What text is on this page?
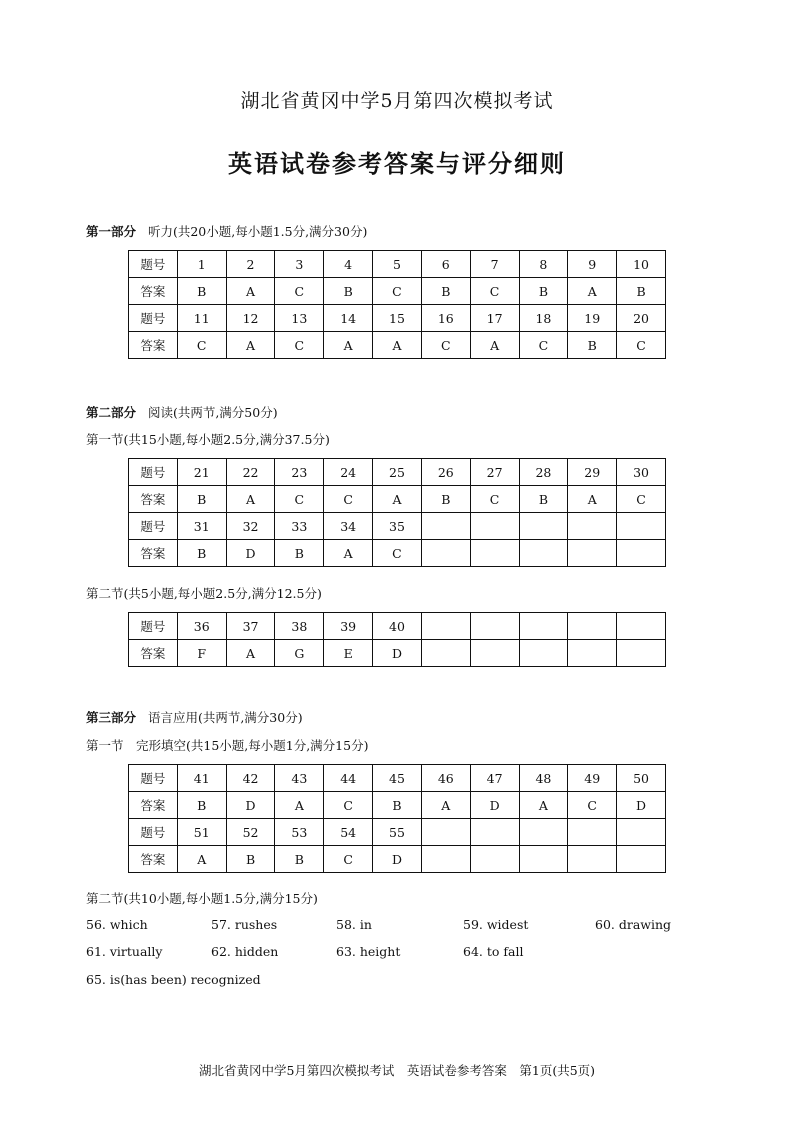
湖北省黄冈中学5月第四次模拟考试
英语试卷参考答案与评分细则
第一部分 听力(共20小题,每小题1.5分,满分30分)
题号	1	2	3	4	5	6	7	8	9	10
答案	B	A	C	B	C	B	C	B	A	B
题号	11	12	13	14	15	16	17	18	19	20
答案	C	A	C	A	A	C	A	C	B	C
第二部分 阅读(共两节,满分50分)
第一节(共15小题,每小题2.5分,满分37.5分)
题号	21	22	23	24	25	26	27	28	29	30
答案	B	A	C	C	A	B	C	B	A	C
题号	31	32	33	34	35					
答案	B	D	B	A	C					
第二节(共5小题,每小题2.5分,满分12.5分)
题号	36	37	38	39	40					
答案	F	A	G	E	D					
第三部分 语言应用(共两节,满分30分)
第一节　完形填空(共15小题,每小题1分,满分15分)
题号	41	42	43	44	45	46	47	48	49	50
答案	B	D	A	C	B	A	D	A	C	D
题号	51	52	53	54	55					
答案	A	B	B	C	D					
第二节(共10小题,每小题1.5分,满分15分)
56. which	57. rushes	58. in	59. widest	60. drawing
61. virtually	62. hidden	63. height	64. to fall
65. is(has been) recognized
湖北省黄冈中学5月第四次模拟考试　英语试卷参考答案　第1页(共5页)
